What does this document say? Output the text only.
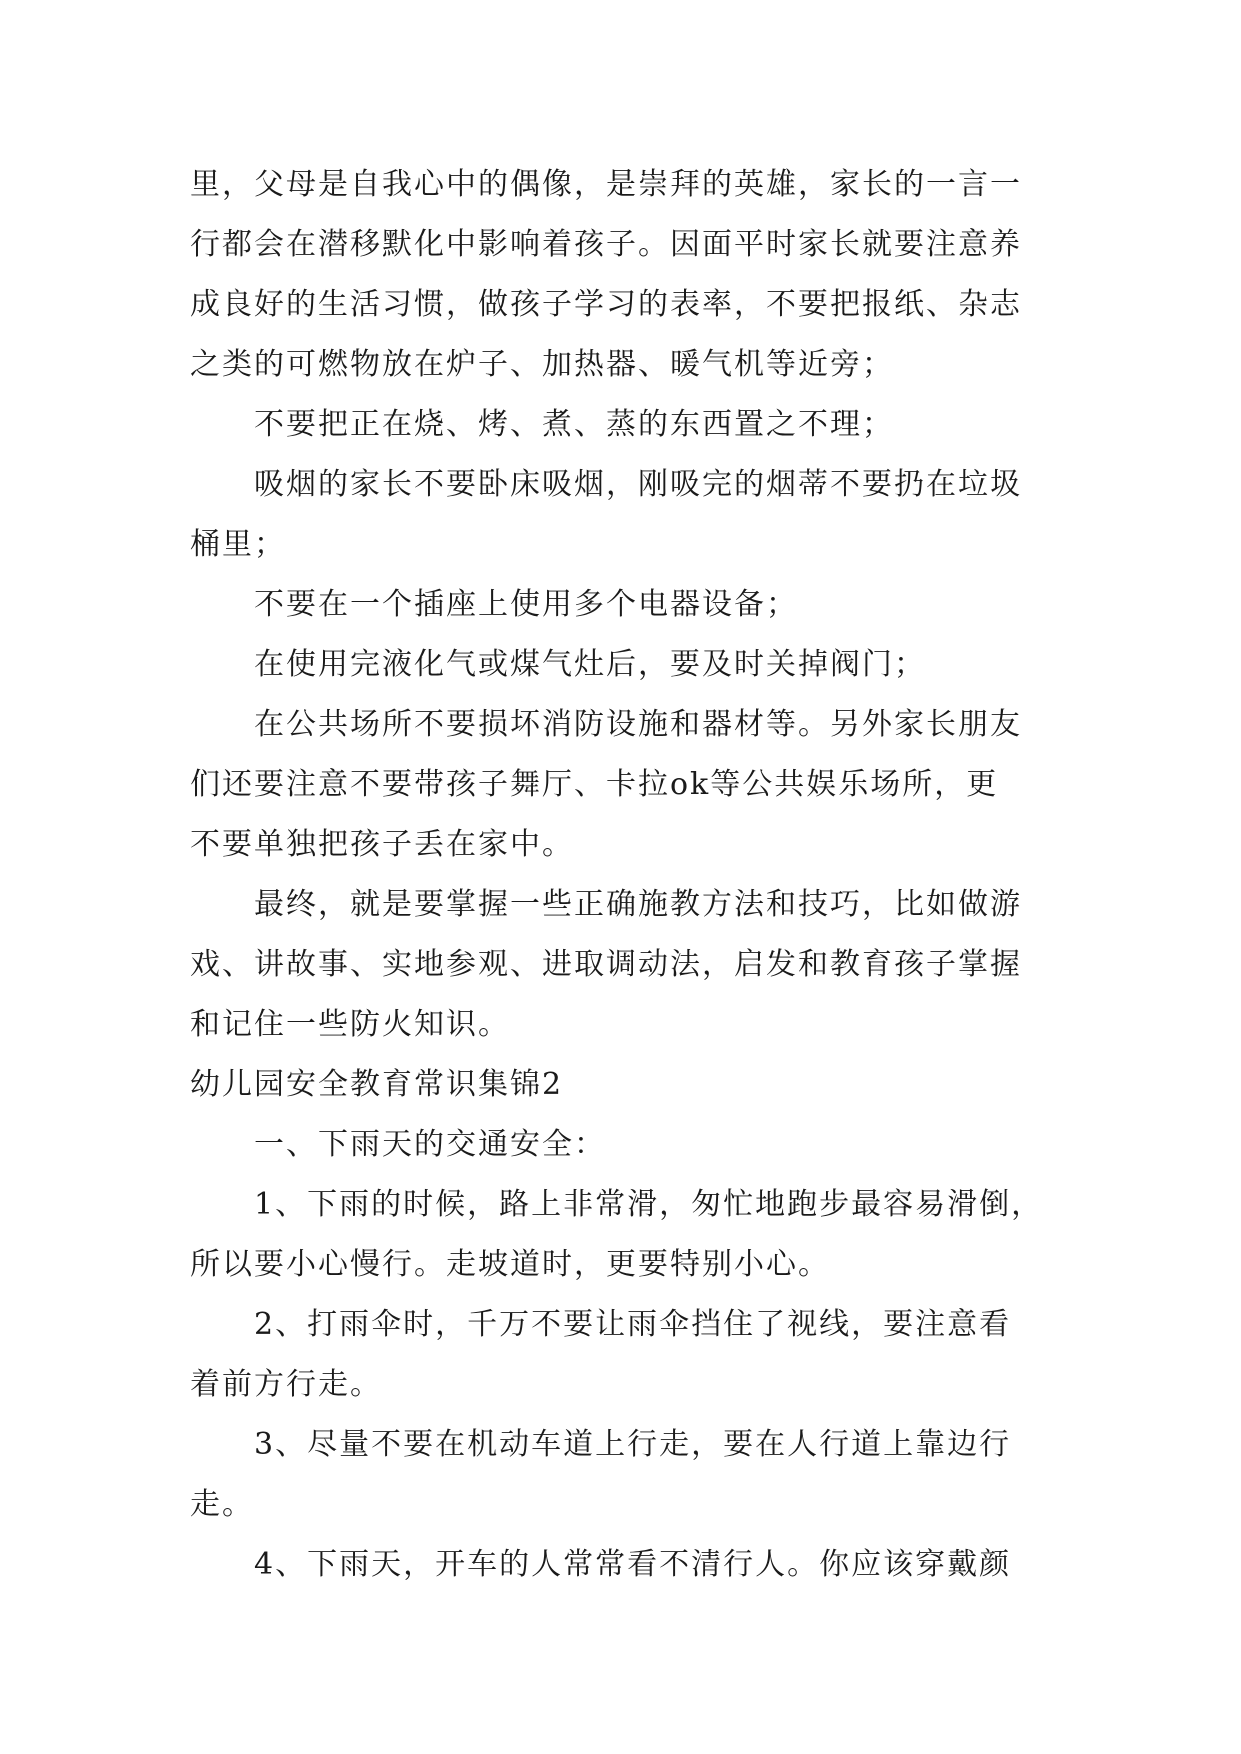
里，父母是自我心中的偶像，是崇拜的英雄，家长的一言一
行都会在潜移默化中影响着孩子。因面平时家长就要注意养
成良好的生活习惯，做孩子学习的表率，不要把报纸、杂志
之类的可燃物放在炉子、加热器、暖气机等近旁；
不要把正在烧、烤、煮、蒸的东西置之不理；
吸烟的家长不要卧床吸烟，刚吸完的烟蒂不要扔在垃圾
桶里；
不要在一个插座上使用多个电器设备；
在使用完液化气或煤气灶后，要及时关掉阀门；
在公共场所不要损坏消防设施和器材等。另外家长朋友
们还要注意不要带孩子舞厅、卡拉ok等公共娱乐场所，更
不要单独把孩子丢在家中。
最终，就是要掌握一些正确施教方法和技巧，比如做游
戏、讲故事、实地参观、进取调动法，启发和教育孩子掌握
和记住一些防火知识。
幼儿园安全教育常识集锦2
一、下雨天的交通安全：
1、下雨的时候，路上非常滑，匆忙地跑步最容易滑倒，
所以要小心慢行。走坡道时，更要特别小心。
2、打雨伞时，千万不要让雨伞挡住了视线，要注意看
着前方行走。
3、尽量不要在机动车道上行走，要在人行道上靠边行
走。
4、下雨天，开车的人常常看不清行人。你应该穿戴颜
